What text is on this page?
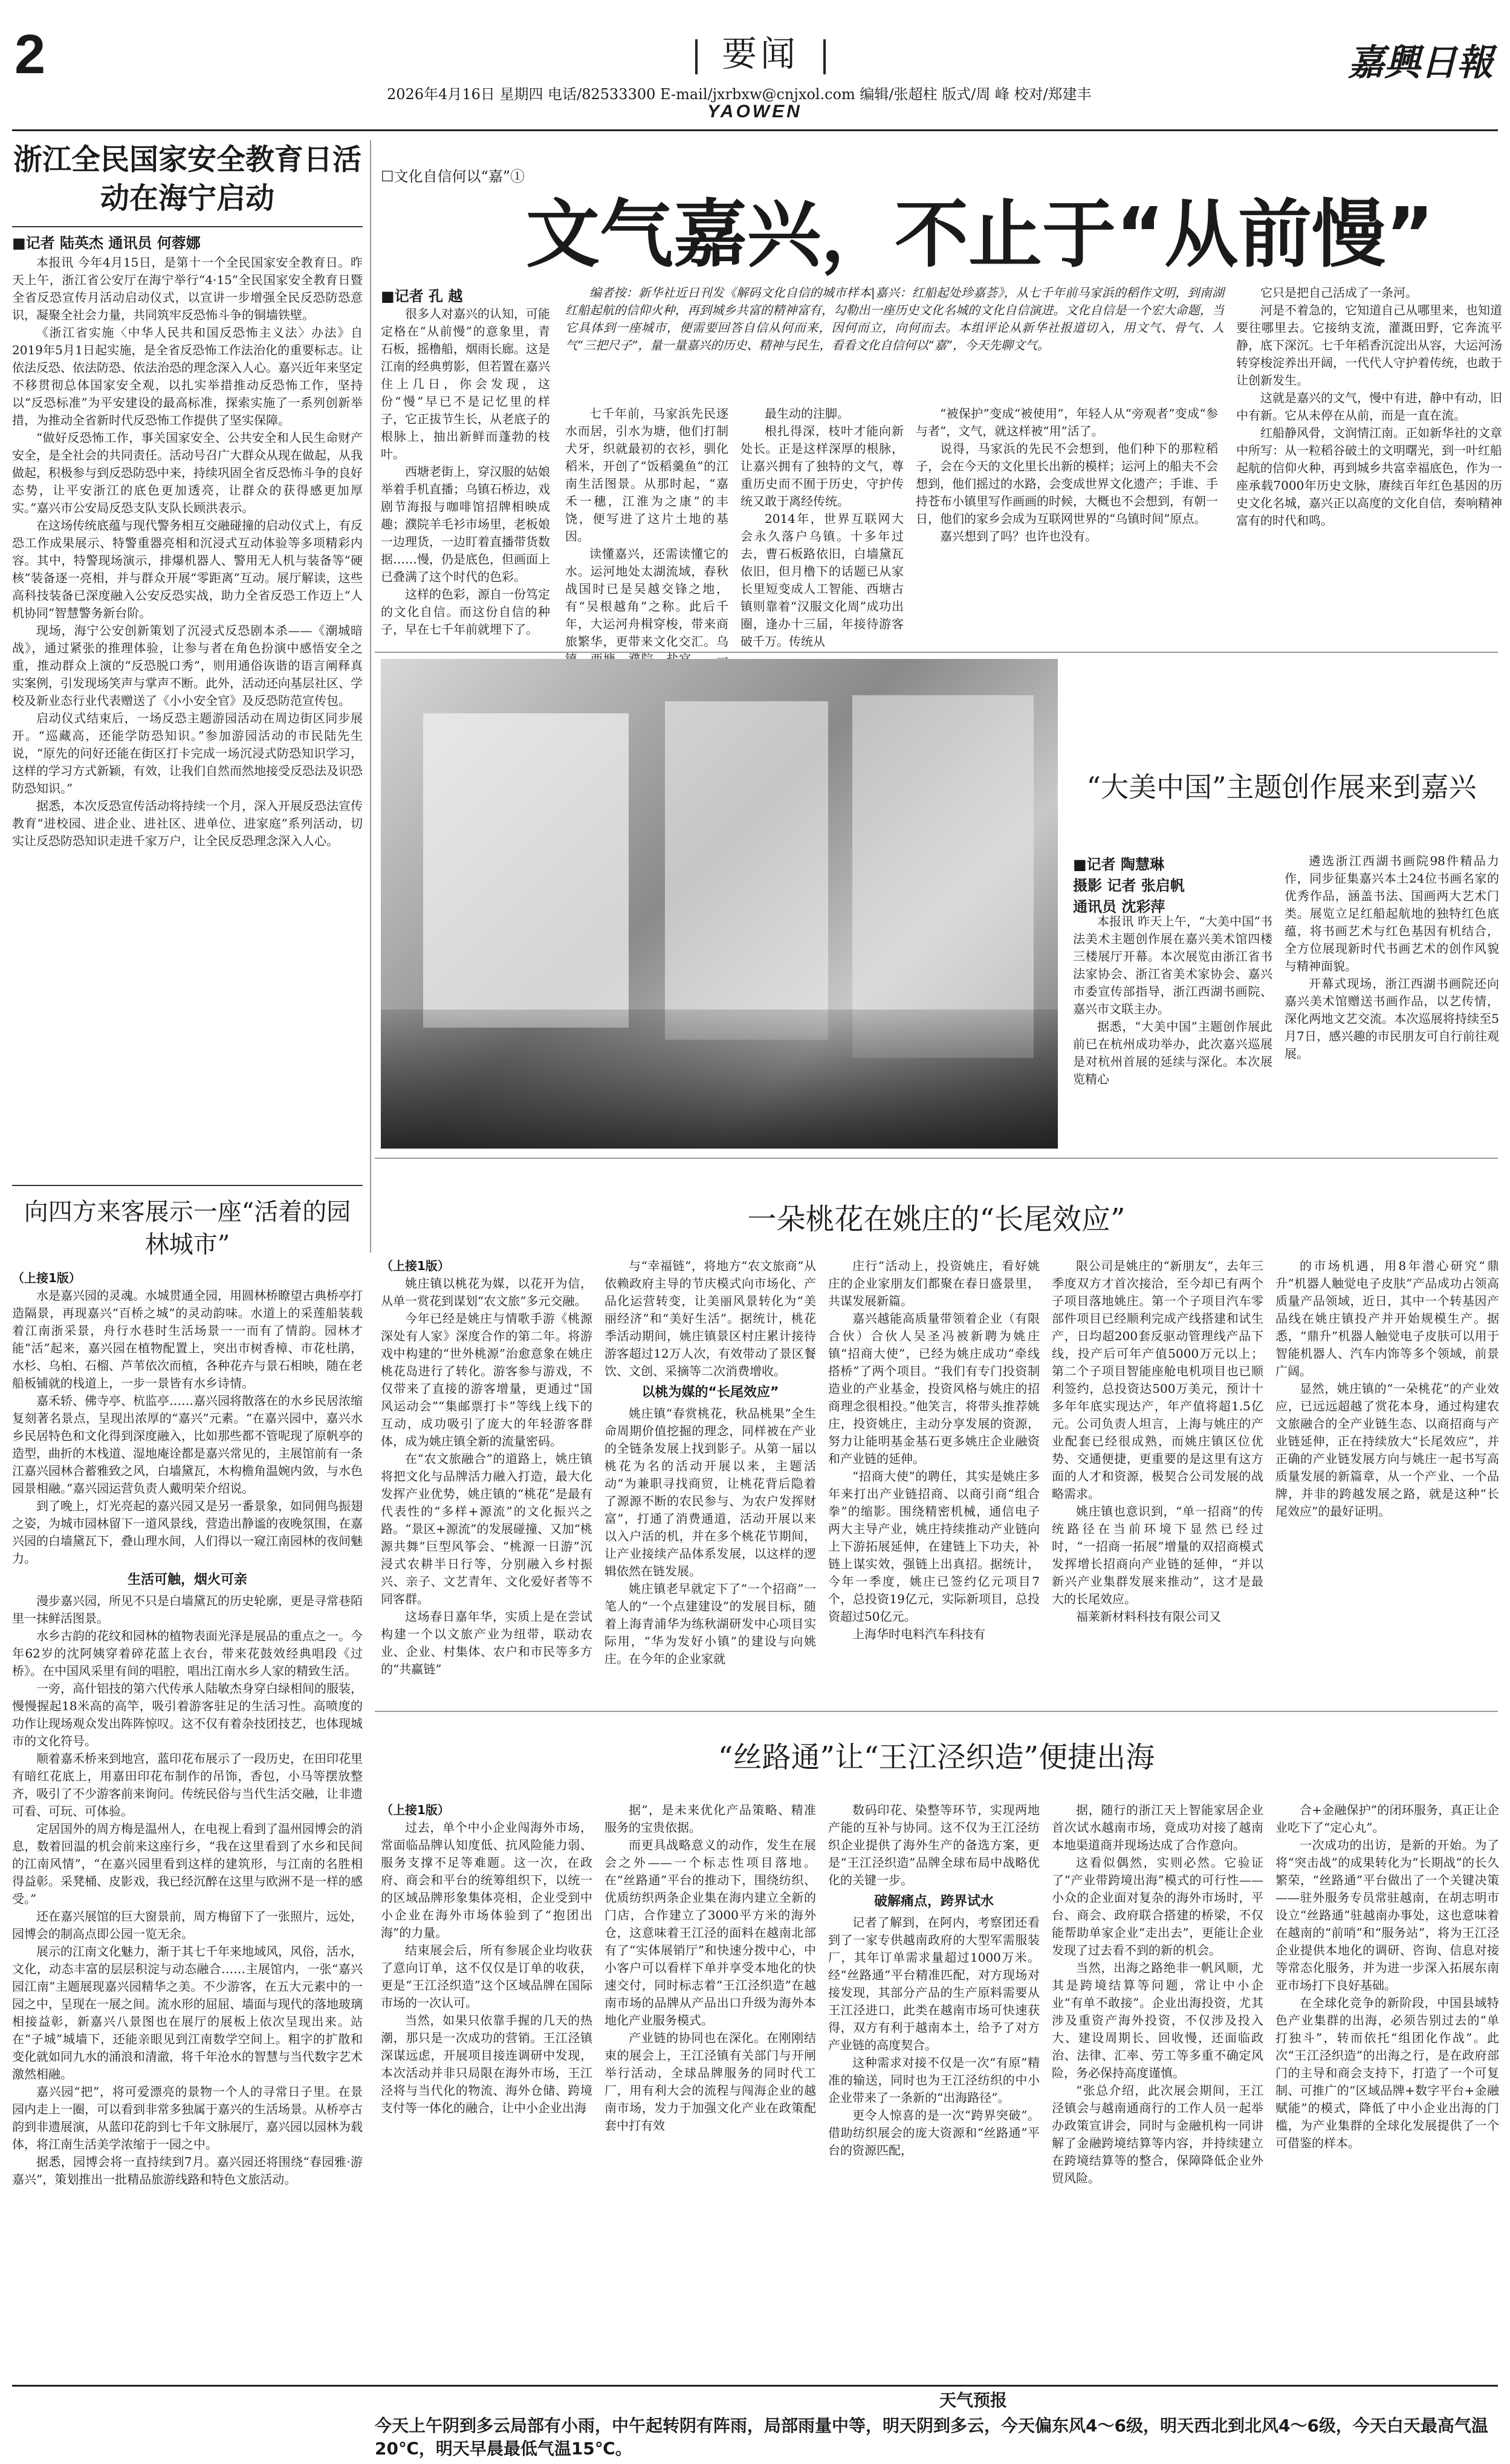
2	要闻
YAOWEN
嘉興日報
2026年4月16日 星期四 电话/82533300 E-mail/jxrbxw@cnjxol.com 编辑/张超柱 版式/周 峰 校对/郑建丰
浙江全民国家安全教育日活动在海宁启动
■记者 陆英杰 通讯员 何蓉娜

本报讯 今年4月15日，是第十一个全民国家安全教育日。昨天上午，浙江省公安厅在海宁举行“4·15”全民国家安全教育日暨全省反恐宣传月活动启动仪式，以宣讲一步增强全民反恐防恐意识，凝聚全社会力量，共同筑牢反恐怖斗争的铜墙铁壁。

《浙江省实施〈中华人民共和国反恐怖主义法〉办法》自2019年5月1日起实施，是全省反恐怖工作法治化的重要标志。让依法反恐、依法防恐、依法治恐的理念深入人心。嘉兴近年来坚定不移贯彻总体国家安全观，以扎实举措推动反恐怖工作，坚持以“反恐标准”为平安建设的最高标准，探索实施了一系列创新举措，为推动全省新时代反恐怖工作提供了坚实保障。

“做好反恐怖工作，事关国家安全、公共安全和人民生命财产安全，是全社会的共同责任。活动号召广大群众从现在做起，从我做起，积极参与到反恐防恐中来，持续巩固全省反恐怖斗争的良好态势，让平安浙江的底色更加透亮，让群众的获得感更加厚实。”嘉兴市公安局反恐支队支队长顾洪表示。

在这场传统底蕴与现代警务相互交融碰撞的启动仪式上，有反恐工作成果展示、特警重器亮相和沉浸式互动体验等多项精彩内容。其中，特警现场演示，排爆机器人、警用无人机与装备等“硬核”装备逐一亮相，并与群众开展“零距离”互动。展厅解读，这些高科技装备已深度融入公安反恐实战，助力全省反恐工作迈上“人机协同”智慧警务新台阶。

现场，海宁公安创新策划了沉浸式反恐剧本杀——《潮城暗战》，通过紧张的推理体验，让参与者在角色扮演中感悟安全之重，推动群众上演的“反恐脱口秀”，则用通俗诙谐的语言阐释真实案例，引发现场笑声与掌声不断。此外，活动还向基层社区、学校及新业态行业代表赠送了《小小安全官》及反恐防范宣传包。

启动仪式结束后，一场反恐主题游园活动在周边街区同步展开。“巡藏高，还能学防恐知识。”参加游园活动的市民陆先生说，“原先的问好还能在街区打卡完成一场沉浸式防恐知识学习，这样的学习方式新颖，有效，让我们自然而然地接受反恐法及识恐防恐知识。”

据悉，本次反恐宣传活动将持续一个月，深入开展反恐法宣传教育“进校园、进企业、进社区、进单位、进家庭”系列活动，切实让反恐防恐知识走进千家万户，让全民反恐理念深入人心。

☐文化自信何以“嘉”①
文气嘉兴，不止于“从前慢”
■记者 孔 越

很多人对嘉兴的认知，可能定格在“从前慢”的意象里，青石板，摇橹船，烟雨长廊。这是江南的经典剪影，但若置在嘉兴住上几日，你会发现，这份“慢”早已不是记忆里的样子，它正拔节生长，从老底子的根脉上，抽出新鲜而蓬勃的枝叶。

西塘老街上，穿汉服的姑娘举着手机直播；乌镇石桥边，戏剧节海报与咖啡馆招牌相映成趣；濮院羊毛衫市场里，老板娘一边理货，一边盯着直播带货数据……慢，仍是底色，但画面上已叠满了这个时代的色彩。

这样的色彩，源自一份笃定的文化自信。而这份自信的种子，早在七千年前就埋下了。

编者按：新华社近日刊发《解码文化自信的城市样本|嘉兴：红船起处珍嘉荟》，从七千年前马家浜的稻作文明，到南湖红船起航的信仰火种，再到城乡共富的精神富有，勾勒出一座历史文化名城的文化自信演进。文化自信是一个宏大命题，当它具体到一座城市，便需要回答自信从何而来，因何而立，向何而去。本组评论从新华社报道切入，用文气、骨气、人气“三把尺子”，量一量嘉兴的历史、精神与民生，看看文化自信何以“嘉”，今天先聊文气。

七千年前，马家浜先民逐水而居，引水为塘，他们打制犬牙，织就最初的衣衫，驯化稻米，开创了“饭稻羹鱼”的江南生活图景。从那时起，“嘉禾一穗，江淮为之康”的丰饶，便写进了这片土地的基因。

读懂嘉兴，还需读懂它的水。运河地处太湖流域，春秋战国时已是吴越交锋之地，有“吴根越角”之称。此后千年，大运河舟楫穿梭，带来商旅繁华，更带来文化交汇。乌

最生动的注脚。

根扎得深，枝叶才能向新处长。正是这样深厚的根脉，让嘉兴拥有了独特的文气，尊重历史而不囿于历史，守护传统又敢于离经传统。

2014年，世界互联网大会永久落户乌镇。十多年过去，曹石板路依旧，白墙黛瓦依旧，但月橹下的话题已从家长里短变成人工智能、西塘古镇则靠着“汉服文化周”成功出圈，逢办十三届，年接待游客破千万。传统从

“被保护”变成“被使用”，年轻人从“旁观者”变成“参与者”，文气，就这样被“用”活了。

说得，马家浜的先民不会想到，他们种下的那粒稻子，会在今天的文化里长出新的模样；运河上的船夫不会想到，他们摇过的水路，会变成世界文化遗产；手谁、手持苍布小镇里写作画画的时候，大概也不会想到，有朝一日，他们的家乡会成为互联网世界的“乌镇时间”原点。

嘉兴想到了吗？也许也没有。

它只是把自己活成了一条河。

河是不着急的，它知道自己从哪里来，也知道要往哪里去。它接纳支流，灌溉田野，它奔流平静，底下深沉。七千年稻香沉淀出从容，大运河汤转穿梭淀养出开阔，一代代人守护着传统，也敢于让创新发生。

这就是嘉兴的文气，慢中有进，静中有动，旧中有新。它从未停在从前，而是一直在流。

红船静风骨，文润情江南。正如新华社的文章中所写：从一粒稻谷破土的文明曙光，到一叶红船起航的信仰火种，再到城乡共富幸福底色，作为一座承载7000年历史文脉，赓续百年红色基因的历史文化名城，嘉兴正以高度的文化自信，奏响精神富有的时代和鸣。

“大美中国”主题创作展来到嘉兴
■记者 陶慧琳
摄影 记者 张启帆
通讯员 沈彩萍

本报讯 昨天上午，“大美中国”书法美术主题创作展在嘉兴美术馆四楼三楼展厅开幕。本次展览由浙江省书法家协会、浙江省美术家协会、嘉兴市委宣传部指导，浙江西湖书画院、嘉兴市文联主办。

据悉，“大美中国”主题创作展此前已在杭州成功举办，此次嘉兴巡展是对杭州首展的延续与深化。本次展览精心

遴选浙江西湖书画院98件精品力作，同步征集嘉兴本土24位书画名家的优秀作品，涵盖书法、国画两大艺术门类。展览立足红船起航地的独特红色底蕴，将书画艺术与红色基因有机结合，全方位展现新时代书画艺术的创作风貌与精神面貌。

开幕式现场，浙江西湖书画院还向嘉兴美术馆赠送书画作品，以艺传情，深化两地文艺交流。本次巡展将持续至5月7日，感兴趣的市民朋友可自行前往观展。

向四方来客展示一座“活着的园林城市”
（上接1版）

水是嘉兴园的灵魂。水城贯通全园，用圆林桥瞭望古典桥亭打造隔景，再现嘉兴“百桥之城”的灵动韵味。水道上的采莲船装载着江南浙采景，舟行水巷时生活场景一一而有了情韵。园林才能“活”起来，嘉兴园在植物配置上，突出市树香樟、市花杜鹃，水杉、乌桕、石榴、芦苇依次而植，各种花卉与景石相映，随在老船板铺就的栈道上，一步一景皆有水乡诗情。

嘉禾轿、佛寺亭、杭监亭……嘉兴园将散落在的水乡民居浓缩复刻著名景点，呈现出浓厚的“嘉兴”元素。“在嘉兴园中，嘉兴水乡民居特色和文化得到深度融入，比如那些都不管呢现了原帆亭的造型，曲折的木栈道、湿地庵诠都是嘉兴常见的，主展馆前有一条江嘉兴园林合蓄雅致之风，白墙黛瓦，木构檐角温婉内敛，与水色园景相融。”嘉兴园运营负责人戴明荣介绍说。

到了晚上，灯光亮起的嘉兴园又是另一番景象，如同佣鸟振翅之姿，为城市园林留下一道风景线，营造出静谧的夜晚氛围，在嘉兴园的白墙黛瓦下，叠山理水间，人们得以一窥江南园林的夜间魅力。

生活可触，烟火可亲

漫步嘉兴园，所见不只是白墙黛瓦的历史轮廓，更是寻常巷陌里一抹鲜活图景。

水乡古韵的花纹和园林的植物表面光泽是展品的重点之一。今年62岁的沈阿姨穿着碎花蓝上衣台，带来花鼓效经典唱段《过桥》。在中国风采里有间的唱腔，唱出江南水乡人家的精致生活。

一旁，高什铝技的第六代传承人陆敏杰身穿白绿相间的服装，慢慢握起18米高的高竿，吸引着游客驻足的生活习性。高喷度的功作让现场观众发出阵阵惊叹。这不仅有着杂技团技艺，也体现城市的文化符号。

顺着嘉禾桥来到地宫，蓝印花布展示了一段历史，在田印花里有暗红花底上，用嘉田印花布制作的吊饰，香包，小马等摆放整齐，吸引了不少游客前来询问。传统民俗与当代生活交融，让非遗可看、可玩、可体验。

定居国外的周方梅是温州人，在电视上看到了温州园博会的消息，数着回温的机会前来这座行乡，“我在这里看到了水乡和民间的江南风情”，“在嘉兴园里看到这样的建筑形，与江南的名胜相得益彰。采凳桶、皮影戏，我已经沉醉在这里与欧洲不是一样的感受。”

还在嘉兴展馆的巨大窗景前，周方梅留下了一张照片，远处，园博会的制高点即公园一览无余。

展示的江南文化魅力，渐于其七千年来地域风，风俗，活水，文化，动态丰富的层层积淀与动态融合……主展馆内，一张“嘉兴园江南”主题展现嘉兴园精华之美。不少游客，在五大元素中的一园之中，呈现在一展之间。流水形的屈屈、墙面与现代的落地玻璃相接益彰，新嘉兴八景图也在展厅的展板上依次呈现出来。站在“子城”城墙下，还能亲眼见到江南数学空间上。粗字的扩散和变化就如同九水的涌浪和清澈，将千年沧水的智慧与当代数字艺术激然相融。

嘉兴园“把”，将可爱漂亮的景物一个人的寻常日子里。在景园内走上一圈，可以看到非常多独属于嘉兴的生活场景。从桥亭古韵到非遗展演，从蓝印花韵到七千年文脉展厅，嘉兴园以园林为载体，将江南生活美学浓缩于一园之中。

据悉，园博会将一直持续到7月。嘉兴园还将围绕“春园雅·游嘉兴”，策划推出一批精品旅游线路和特色文旅活动。

一朵桃花在姚庄的“长尾效应”
（上接1版）

姚庄镇以桃花为媒，以花开为信，从单一赏花到谋划“农文旅”多元交融。

今年已经是姚庄与情歌手游《桃源深处有人家》深度合作的第二年。将游戏中构建的“世外桃源”治愈意象在姚庄桃花岛进行了转化。游客参与游戏，不仅带来了直接的游客增量，更通过“国风运动会”“集邮票打卡”等线上线下的互动，成功吸引了庞大的年轻游客群体，成为姚庄镇全新的流量密码。

在“农文旅融合”的道路上，姚庄镇将把文化与品牌活力融入打造，最大化发挥产业优势，姚庄镇的“桃花”是最有代表性的“多样+源流”的文化振兴之路。“景区+源流”的发展碰撞、又加“桃源共舞”巨型风筝会、“桃源一日游”沉浸式农耕半日行等，分别融入乡村振兴、亲子、文艺青年、文化爱好者等不同客群。

这场春日嘉年华，实质上是在尝试构建一个以文旅产业为纽带，联动农业、企业、村集体、农户和市民等多方的“共赢链”

与“幸福链”，将地方“农文旅商”从依赖政府主导的节庆模式向市场化、产品化运营转变，让美丽风景转化为“美丽经济”和“美好生活”。据统计，桃花季活动期间，姚庄镇景区村庄累计接待游客超过12万人次，有效带动了景区餐饮、文创、采摘等二次消费增收。

以桃为媒的“长尾效应”

姚庄镇“春赏桃花，秋品桃果”全生命周期价值挖掘的理念，同样被在产业的全链条发展上找到影子。从第一届以桃花为名的活动开展以来，主题活动“为兼职寻找商贸，让桃花背后隐着了源源不断的农民参与、为农户发挥财富”，打通了消费通道，活动开展以来以入户活的机，并在多个桃花节期间，让产业接续产品体系发展，以这样的逻辑依然在链发展。

姚庄镇老早就定下了“一个招商”一笔人的“一个点建建设”的发展目标，随着上海青浦华为练秋湖研发中心项目实际用，“华为发好小镇”的建设与向姚庄。在今年的企业家就

庄行”活动上，投资姚庄，看好姚庄的企业家朋友们都聚在春日盛景里，共谋发展新篇。

嘉兴越能高质量带领着企业（有限合伙）合伙人吴圣冯被新聘为姚庄镇“招商大使”，已经为姚庄成功“牵线搭桥”了两个项目。“我们有专门投资制造业的产业基金，投资风格与姚庄的招商理念很相投。”他笑言，将带头推荐姚庄，投资姚庄，主动分享发展的资源，努力让能明基金基石更多姚庄企业融资和产业链的延伸。

“招商大使”的聘任，其实是姚庄多年来打出产业链招商、以商引商“组合拳”的缩影。围绕精密机械，通信电子两大主导产业，姚庄持续推动产业链向上下游拓展延伸，在建链上下功夫，补链上谋实效，强链上出真招。据统计，今年一季度，姚庄已签约亿元项目7个，总投资19亿元，实际新项目，总投资超过50亿元。

上海华时电料汽车科技有

限公司是姚庄的“新朋友”，去年三季度双方才首次接洽，至今却已有两个子项目落地姚庄。第一个子项目汽车零部件项目已经顺利完成产线搭建和试生产，日均超200套反驱动管理线产品下线，投产后可年产值5000万元以上；第二个子项目智能座舱电机项目也已顺利签约，总投资达500万美元，预计十多年年底实现达产，年产值将超1.5亿元。公司负责人坦言，上海与姚庄的产业配套已经很成熟，而姚庄镇区位优势、交通便捷，更重要的是这里有这方面的人才和资源，极契合公司发展的战略需求。

姚庄镇也意识到，“单一招商”的传统路径在当前环境下显然已经过时，“一招商一拓展”增量的双招商模式发挥增长招商向产业链的延伸，“并以新兴产业集群发展来推动”，这才是最大的长尾效应。

福莱新材料科技有限公司又

的市场机遇，用8年潜心研究“鼎升”机器人触觉电子皮肤”产品成功占领高质量产品领域，近日，其中一个转基因产品线在姚庄镇投产并开始规模生产。据悉，“鼎升”机器人触觉电子皮肤可以用于智能机器人、汽车内饰等多个领域，前景广阔。

显然，姚庄镇的“一朵桃花”的产业效应，已远远超越了赏花本身，通过构建农文旅融合的全产业链生态、以商招商与产业链延伸，正在持续放大“长尾效应”，并正确的产业链发展方向与姚庄一起书写高质量发展的新篇章，从一个产业、一个品牌，并非的跨越发展之路，就是这种“长尾效应”的最好证明。

“丝路通”让“王江泾织造”便捷出海
（上接1版）

过去，单个中小企业闯海外市场，常面临品牌认知度低、抗风险能力弱、服务支撑不足等难题。这一次，在政府、商会和平台的统筹组织下，以统一的区域品牌形象集体亮相，企业受到中小企业在海外市场体验到了“抱团出海”的力量。

结束展会后，所有参展企业均收获了意向订单，这不仅仅是订单的收获，更是“王江泾织造”这个区域品牌在国际市场的一次认可。

当然，如果只依靠手握的几天的热潮，那只是一次成功的营销。王江泾镇深谋远虑，开展项目接连调研中发现，本次活动并非只局限在海外市场，王江泾将与当代化的物流、海外仓储、跨境支付等一体化的融合，让中小企业出海

据”，是未来优化产品策略、精准服务的宝贵依据。

而更具战略意义的动作，发生在展会之外——一个标志性项目落地。在“丝路通”平台的推动下，围绕纺织、优质纺织两条企业集在海内建立全新的门店，合作建立了3000平方米的海外仓，这意味着王江泾的面料在越南北部有了“实体展销厅”和快速分拨中心，中小客户可以看样下单并享受本地化的快速交付，同时标志着“王江泾织造”在越南市场的品牌从产品出口升级为海外本地化产业服务模式。

产业链的协同也在深化。在刚刚结束的展会上，王江泾镇有关部门与开闸举行活动，全球品牌服务的同时代工厂，用有利大会的流程与闯海企业的越南市场，发力于加强文化产业在政策配套中打有效

数码印花、染整等环节，实现两地产能的互补与协同。这不仅为王江泾纺织企业提供了海外生产的备选方案，更是“王江泾织造”品牌全球布局中战略优化的关键一步。

破解痛点，跨界试水

记者了解到，在阿内，考察团还看到了一家专供越南政府的大型军需服装厂，其年订单需求量超过1000万米。经“丝路通”平台精准匹配，对方现场对接发现，其部分产品的生产原料需要从王江泾进口，此类在越南市场可快速获得，双方有利于越南本土，给予了对方产业链的高度契合。

这种需求对接不仅是一次“有原”精准的输送，同时也为王江泾纺织的中小企业带来了一条新的“出海路径”。

更令人惊喜的是一次“跨界突破”。借助纺织展会的庞大资源和“丝路通”平台的资源匹配，

据，随行的浙江天上智能家居企业首次试水越南市场，竟成功对接了越南本地渠道商并现场达成了合作意向。

这看似偶然，实则必然。它验证了“产业带跨境出海”模式的可行性——小众的企业面对复杂的海外市场时，平台、商会、政府联合搭建的桥梁，不仅能帮助单家企业“走出去”，更能让企业发现了过去看不到的新的机会。

当然，出海之路绝非一帆风顺，尤其是跨境结算等问题，常让中小企业“有单不敢接”。企业出海投资，尤其涉及重资产海外投资，不仅涉及投入大、建设周期长、回收慢，还面临政治、法律、汇率、劳工等多重不确定风险，务必保持高度谨慎。

“张总介绍，此次展会期间，王江泾镇会与越南通商行的工作人员一起举办政策宣讲会，同时与金融机构一同讲解了金融跨境结算等内容，并持续建立在跨境结算等的整合，保障降低企业外贸风险。

合+金融保护”的闭环服务，真正让企业吃下了“定心丸”。

一次成功的出访，是新的开始。为了将“突击战”的成果转化为“长期战”的长久繁荣，“丝路通”平台做出了一个关键决策——驻外服务专员常驻越南，在胡志明市设立“丝路通”驻越南办事处，这也意味着在越南的“前哨”和“服务站”，将为王江泾企业提供本地化的调研、咨询、信息对接等常态化服务，并为进一步深入拓展东南亚市场打下良好基础。

在全球化竞争的新阶段，中国县域特色产业集群的出海，必须告别过去的“单打独斗”，转而依托“组团化作战”。此次“王江泾织造”的出海之行，是在政府部门的主导和商会支持下，打造了一个可复制、可推广的“区域品牌+数字平台+金融赋能”的模式，降低了中小企业出海的门槛，为产业集群的全球化发展提供了一个可借鉴的样本。

天气预报
今天上午阴到多云局部有小雨，中午起转阴有阵雨，局部雨量中等，明天阴到多云，今天偏东风4～6级，明天西北到北风4～6级，今天白天最高气温20℃，明天早晨最低气温15℃。
